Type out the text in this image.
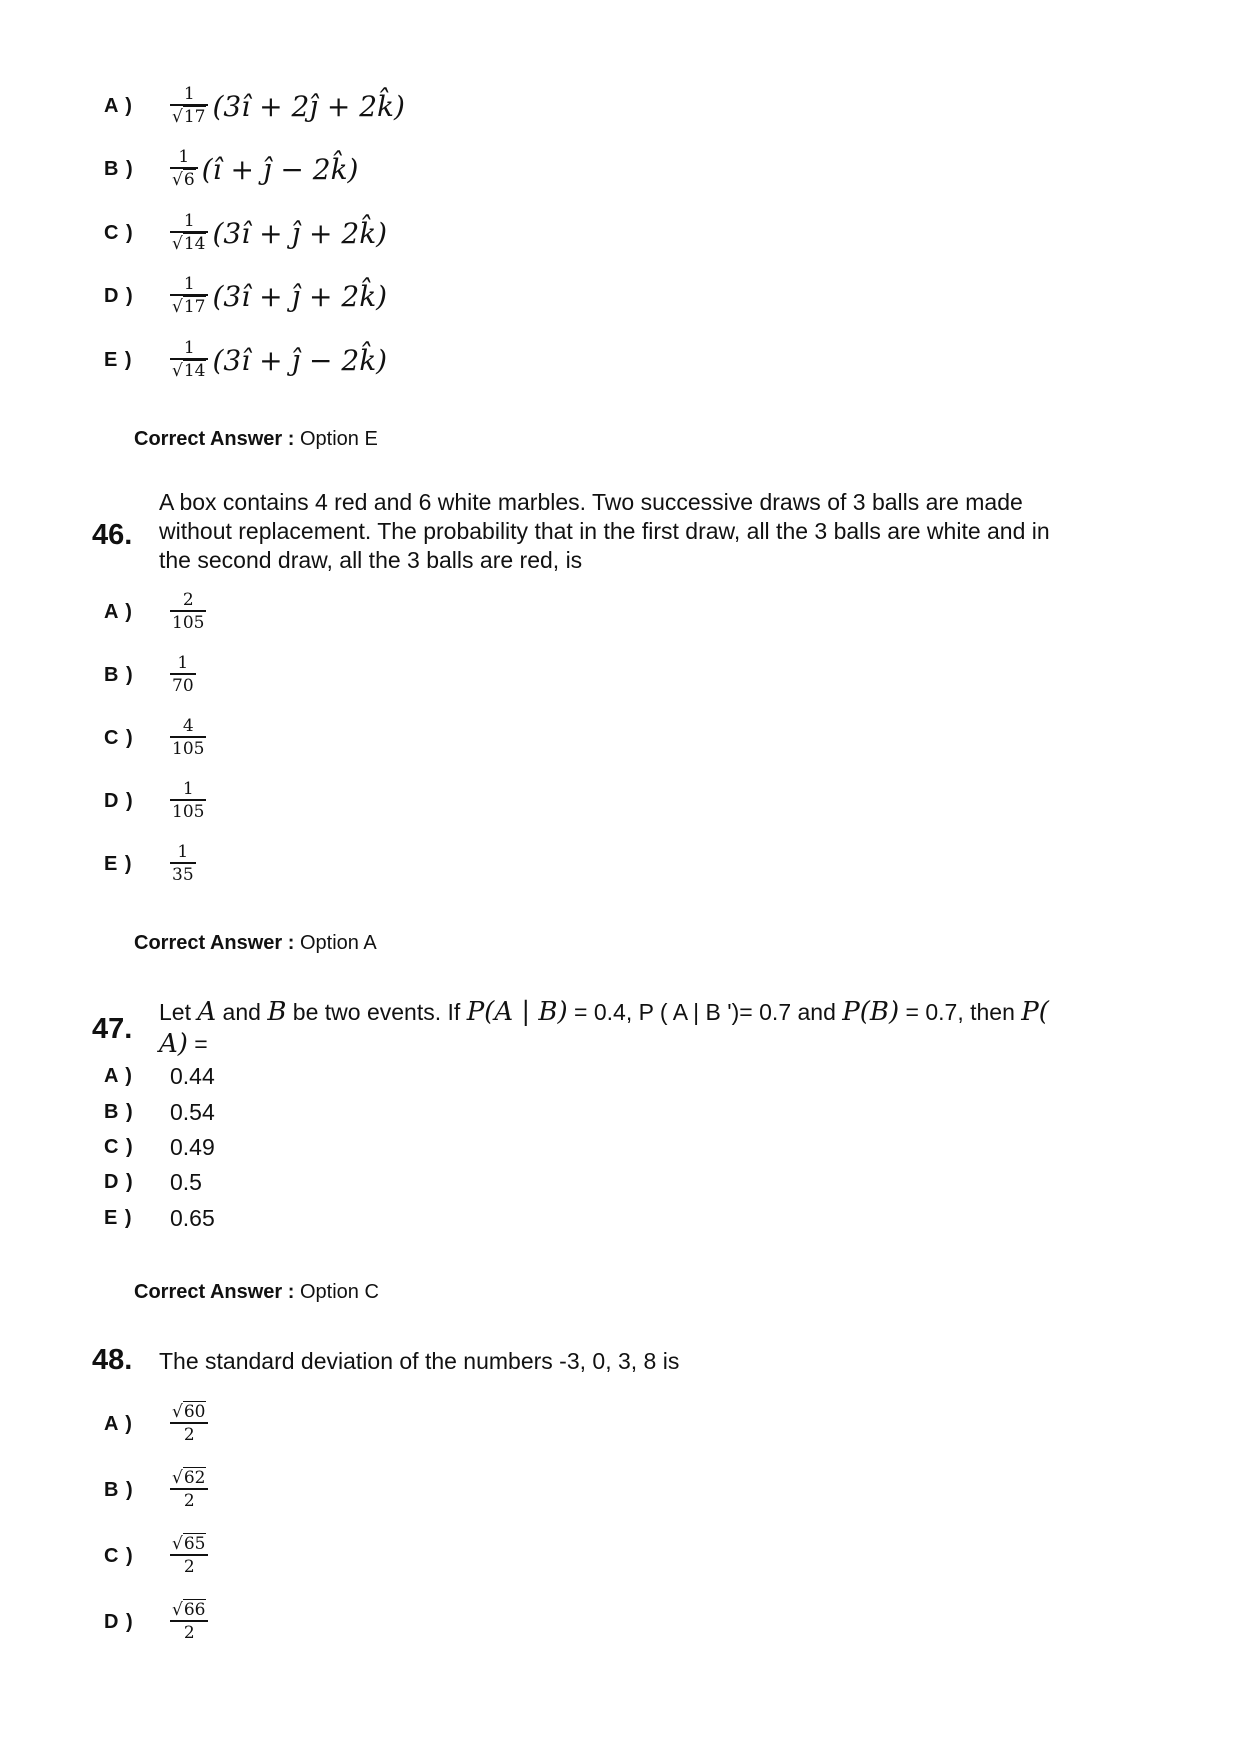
A )	1
√ 17 (3î + 2ĵ + 2k̂)
B )	1
√ 6 (î + ĵ − 2k̂)
C )	1
√ 14 (3î + ĵ + 2k̂)
D )	1
√ 17 (3î + ĵ + 2k̂)
E )	1
√ 14 (3î + ĵ − 2k̂)
Correct Answer : Option E
46.
A box contains 4 red and 6 white marbles. Two successive draws of 3 balls are made
without replacement. The probability that in the first draw, all the 3 balls are white and in
the second draw, all the 3 balls are red, is
A )	$\frac{2}{105}$
B )	$\frac{1}{70}$
C )	$\frac{4}{105}$
D )	$\frac{1}{105}$
E )	$\frac{1}{35}$
Correct Answer : Option A
47.
Let A and B be two events. If P(A | B) = 0.4, P ( A | B ')= 0.7 and P(B) = 0.7, then P(
A) =
A )	0.44
B )	0.54
C )	0.49
D )	0.5
E )	0.65
Correct Answer : Option C
48. The standard deviation of the numbers -3, 0, 3, 8 is
A )	√ $\frac{60}{2}$
B )	√ $\frac{62}{2}$
C )	√ $\frac{65}{2}$
D )	√ $\frac{66}{2}$
